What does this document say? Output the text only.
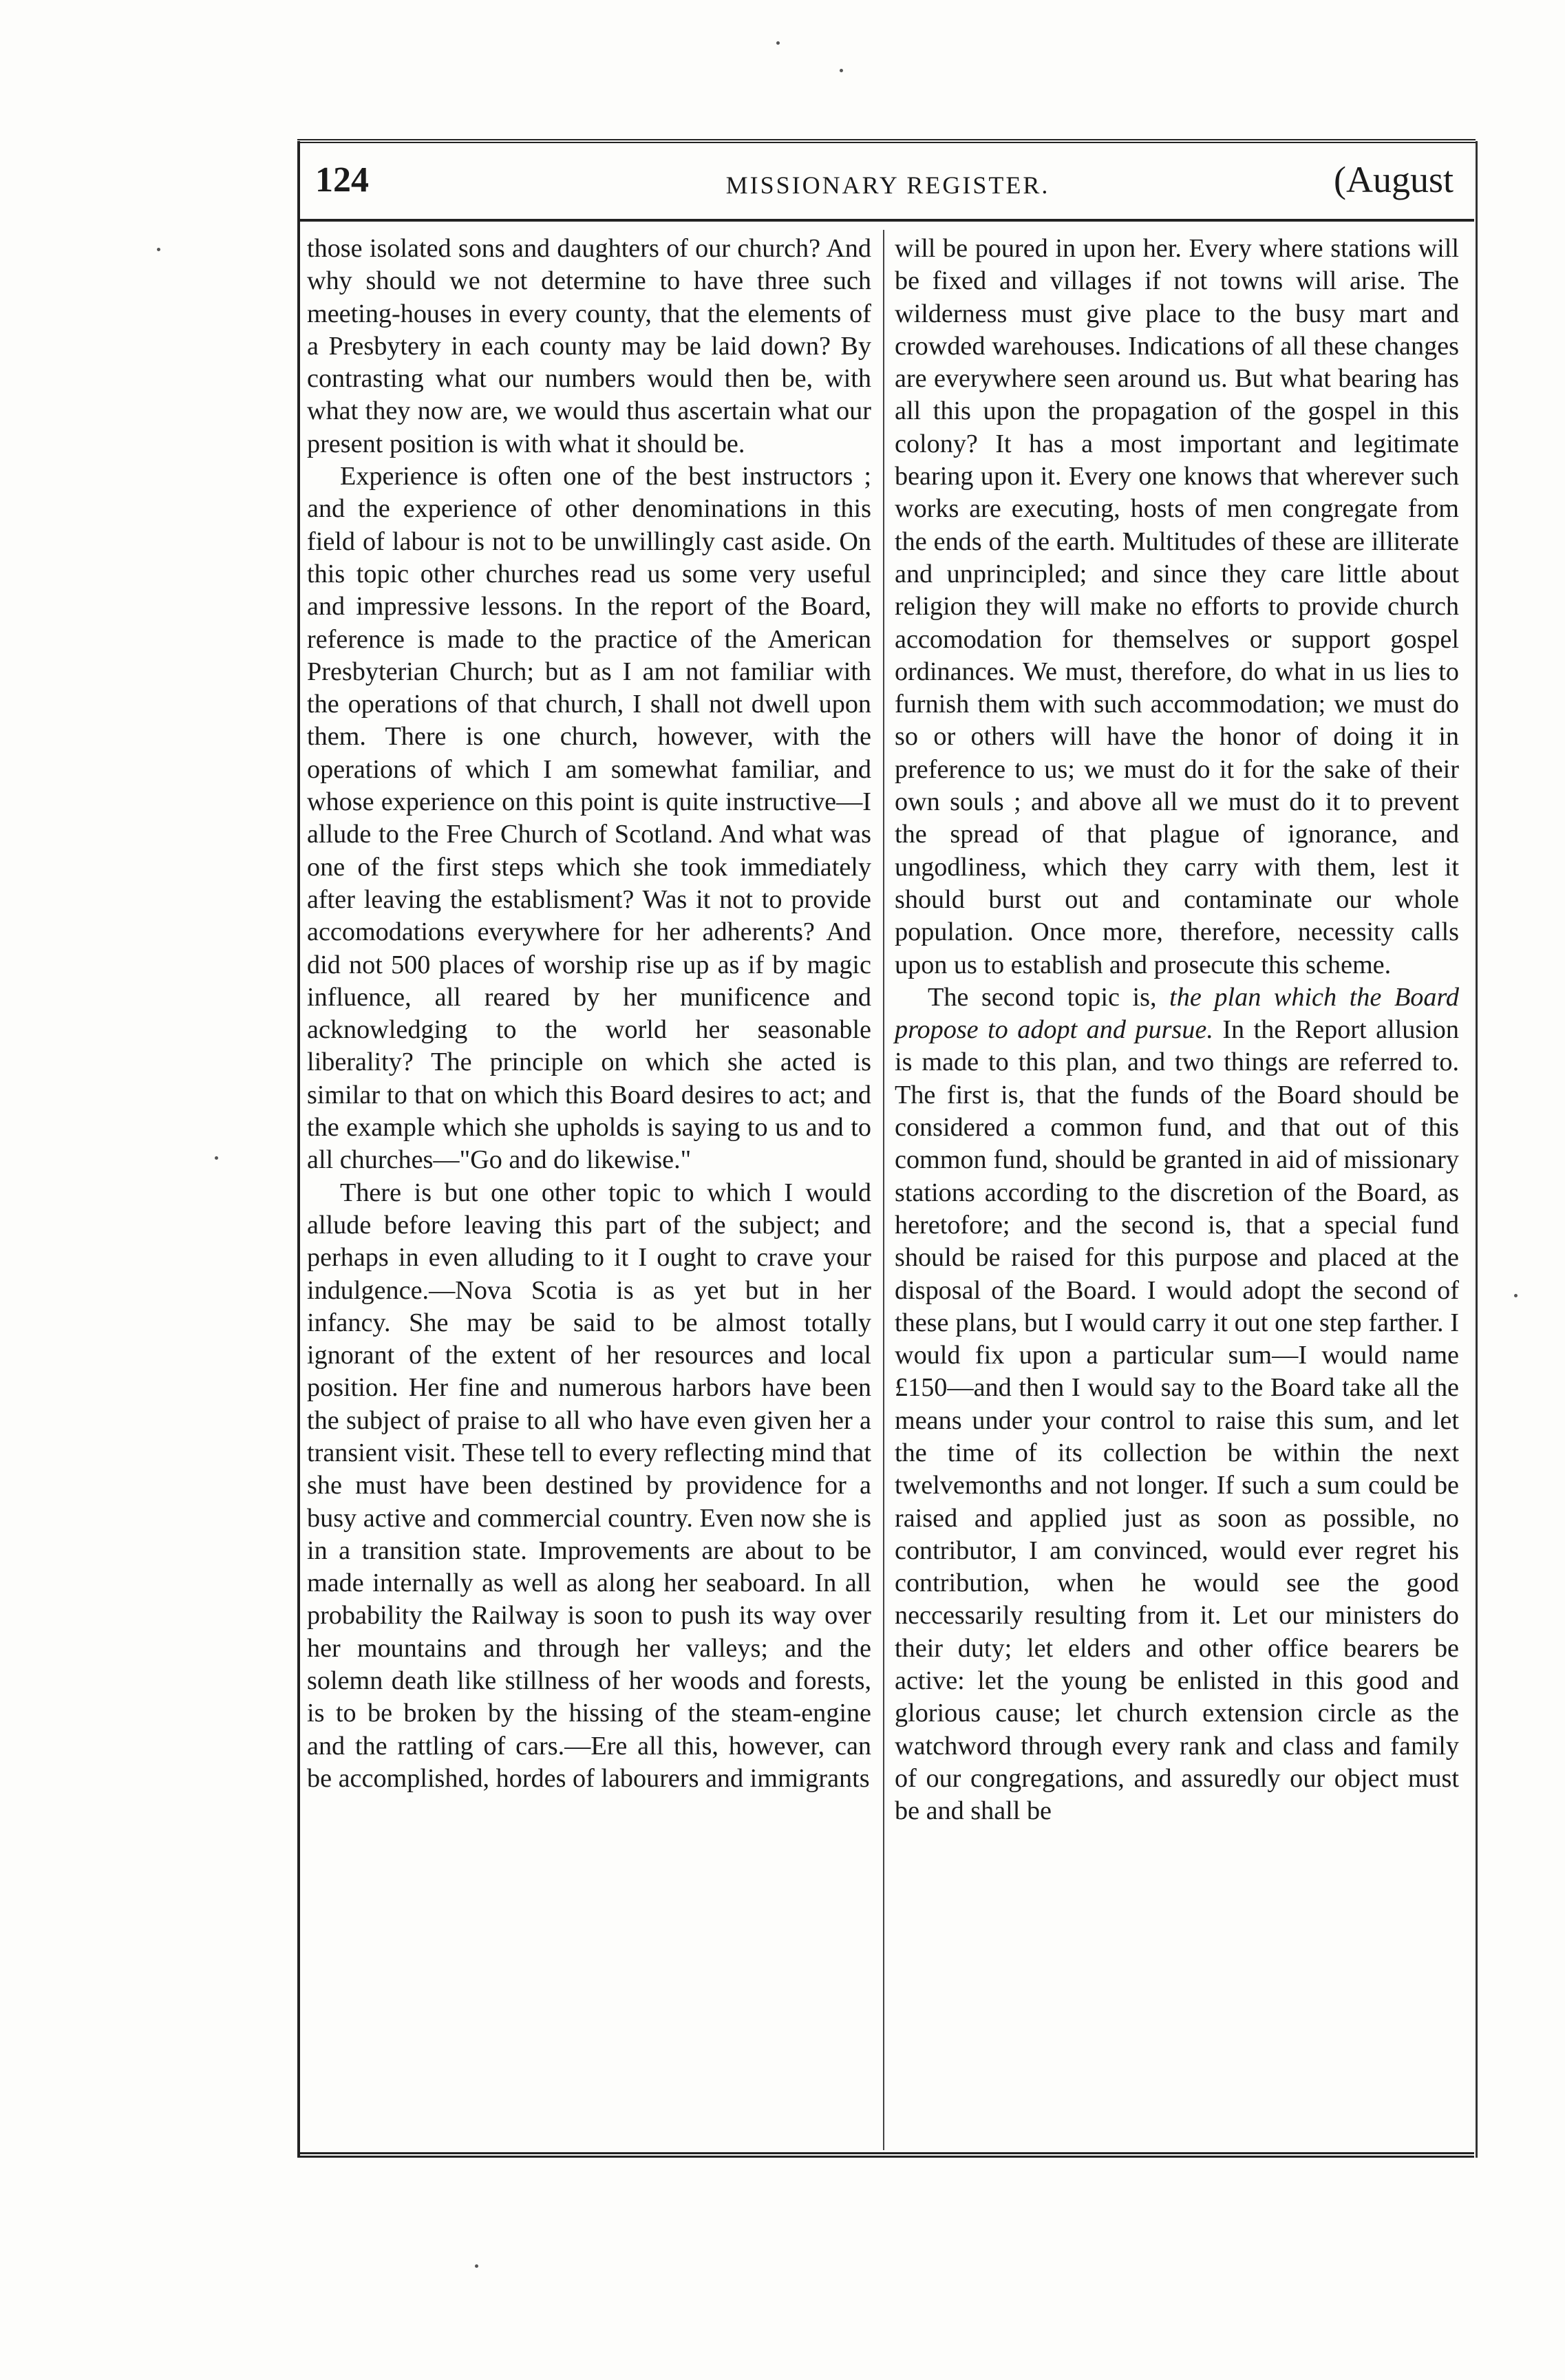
124	MISSIONARY REGISTER.	(August

those isolated sons and daughters of our church? And why should we not determine to have three such meeting-houses in every county, that the elements of a Presbytery in each county may be laid down? By contrasting what our numbers would then be, with what they now are, we would thus ascertain what our present position is with what it should be.

Experience is often one of the best instructors ; and the experience of other denominations in this field of labour is not to be unwillingly cast aside. On this topic other churches read us some very useful and impressive lessons. In the report of the Board, reference is made to the practice of the American Presbyterian Church; but as I am not familiar with the operations of that church, I shall not dwell upon them. There is one church, however, with the operations of which I am somewhat familiar, and whose experience on this point is quite instructive—I allude to the Free Church of Scotland. And what was one of the first steps which she took immediately after leaving the establisment? Was it not to provide accomodations everywhere for her adherents? And did not 500 places of worship rise up as if by magic influence, all reared by her munificence and acknowledging to the world her seasonable liberality? The principle on which she acted is similar to that on which this Board desires to act; and the example which she upholds is saying to us and to all churches—"Go and do likewise."

There is but one other topic to which I would allude before leaving this part of the subject; and perhaps in even alluding to it I ought to crave your indulgence.—Nova Scotia is as yet but in her infancy. She may be said to be almost totally ignorant of the extent of her resources and local position. Her fine and numerous harbors have been the subject of praise to all who have even given her a transient visit. These tell to every reflecting mind that she must have been destined by providence for a busy active and commercial country. Even now she is in a transition state. Improvements are about to be made internally as well as along her seaboard. In all probability the Railway is soon to push its way over her mountains and through her valleys; and the solemn death like stillness of her woods and forests, is to be broken by the hissing of the steam-engine and the rattling of cars.—Ere all this, however, can be accomplished, hordes of labourers and immigrants

will be poured in upon her. Every where stations will be fixed and villages if not towns will arise. The wilderness must give place to the busy mart and crowded warehouses. Indications of all these changes are everywhere seen around us. But what bearing has all this upon the propagation of the gospel in this colony? It has a most important and legitimate bearing upon it. Every one knows that wherever such works are executing, hosts of men congregate from the ends of the earth. Multitudes of these are illiterate and unprincipled; and since they care little about religion they will make no efforts to provide church accomodation for themselves or support gospel ordinances. We must, therefore, do what in us lies to furnish them with such accommodation; we must do so or others will have the honor of doing it in preference to us; we must do it for the sake of their own souls ; and above all we must do it to prevent the spread of that plague of ignorance, and ungodliness, which they carry with them, lest it should burst out and contaminate our whole population. Once more, therefore, necessity calls upon us to establish and prosecute this scheme.

The second topic is, the plan which the Board propose to adopt and pursue. In the Report allusion is made to this plan, and two things are referred to. The first is, that the funds of the Board should be considered a common fund, and that out of this common fund, should be granted in aid of missionary stations according to the discretion of the Board, as heretofore; and the second is, that a special fund should be raised for this purpose and placed at the disposal of the Board. I would adopt the second of these plans, but I would carry it out one step farther. I would fix upon a particular sum—I would name £150—and then I would say to the Board take all the means under your control to raise this sum, and let the time of its collection be within the next twelvemonths and not longer. If such a sum could be raised and applied just as soon as possible, no contributor, I am convinced, would ever regret his contribution, when he would see the good neccessarily resulting from it. Let our ministers do their duty; let elders and other office bearers be active: let the young be enlisted in this good and glorious cause; let church extension circle as the watchword through every rank and class and family of our congregations, and assuredly our object must be and shall be
